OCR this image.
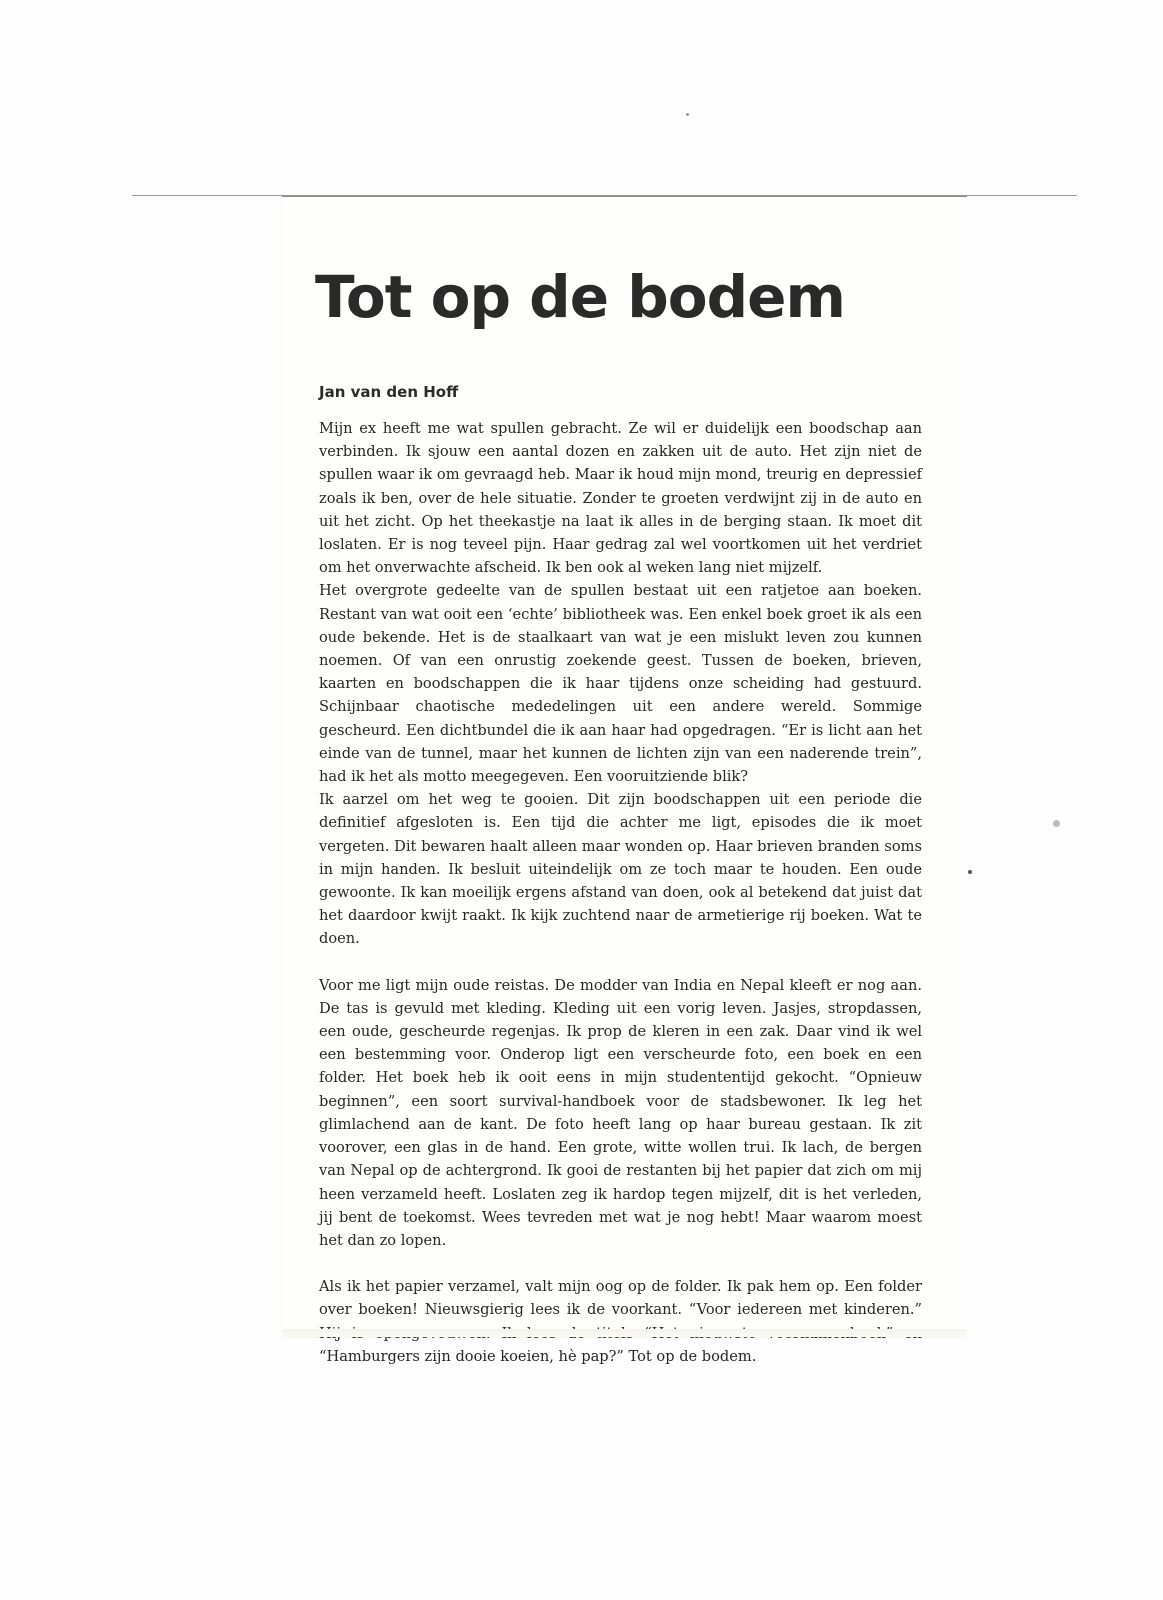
Tot op de bodem

Jan van den Hoff

Mijn ex heeft me wat spullen gebracht. Ze wil er duidelijk een boodschap aan verbinden. Ik sjouw een aantal dozen en zakken uit de auto. Het zijn niet de spullen waar ik om gevraagd heb. Maar ik houd mijn mond, treurig en depressief zoals ik ben, over de hele situatie. Zonder te groeten verdwijnt zij in de auto en uit het zicht. Op het theekastje na laat ik alles in de berging staan. Ik moet dit loslaten. Er is nog teveel pijn. Haar gedrag zal wel voortkomen uit het verdriet om het onverwachte afscheid. Ik ben ook al weken lang niet mijzelf.

Het overgrote gedeelte van de spullen bestaat uit een ratjetoe aan boeken. Restant van wat ooit een ‘echte’ bibliotheek was. Een enkel boek groet ik als een oude bekende. Het is de staalkaart van wat je een mislukt leven zou kunnen noemen. Of van een onrustig zoekende geest. Tussen de boeken, brieven, kaarten en boodschappen die ik haar tijdens onze scheiding had gestuurd. Schijnbaar chaotische mededelingen uit een andere wereld. Sommige gescheurd. Een dichtbundel die ik aan haar had opgedragen. “Er is licht aan het einde van de tunnel, maar het kunnen de lichten zijn van een naderende trein”, had ik het als motto meegegeven. Een vooruitziende blik?

Ik aarzel om het weg te gooien. Dit zijn boodschappen uit een periode die definitief afgesloten is. Een tijd die achter me ligt, episodes die ik moet vergeten. Dit bewaren haalt alleen maar wonden op. Haar brieven branden soms in mijn handen. Ik besluit uiteindelijk om ze toch maar te houden. Een oude gewoonte. Ik kan moeilijk ergens afstand van doen, ook al betekend dat juist dat het daardoor kwijt raakt. Ik kijk zuchtend naar de armetierige rij boeken. Wat te doen.

Voor me ligt mijn oude reistas. De modder van India en Nepal kleeft er nog aan. De tas is gevuld met kleding. Kleding uit een vorig leven. Jasjes, stropdassen, een oude, gescheurde regenjas. Ik prop de kleren in een zak. Daar vind ik wel een bestemming voor. Onderop ligt een verscheurde foto, een boek en een folder. Het boek heb ik ooit eens in mijn studententijd gekocht. “Opnieuw beginnen”, een soort survival-handboek voor de stadsbewoner. Ik leg het glimlachend aan de kant. De foto heeft lang op haar bureau gestaan. Ik zit voorover, een glas in de hand. Een grote, witte wollen trui. Ik lach, de bergen van Nepal op de achtergrond. Ik gooi de restanten bij het papier dat zich om mij heen verzameld heeft. Loslaten zeg ik hardop tegen mijzelf, dit is het verleden, jij bent de toekomst. Wees tevreden met wat je nog hebt! Maar waarom moest het dan zo lopen.

Als ik het papier verzamel, valt mijn oog op de folder. Ik pak hem op. Een folder over boeken! Nieuwsgierig lees ik de voorkant. “Voor iedereen met kinderen.” “Hamburgers zijn dooie koeien, hè pap?” Tot op de bodem.
